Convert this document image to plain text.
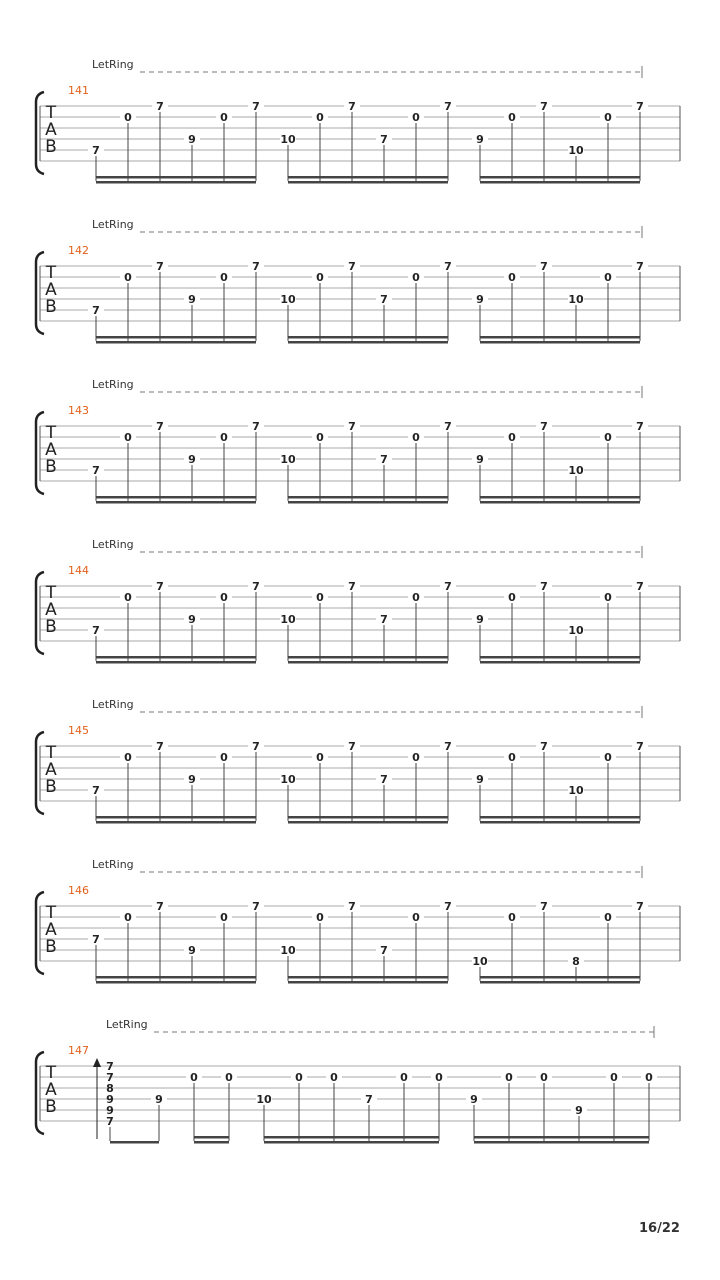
LetRing
141
T
A
B	7
0
7
9
0
7
10
0
7
7
0
7
9
0
7
10
0
7
LetRing
142
T
A
B	7
0
7
9
0
7
10
0
7
7
0
7
9
0
7
10
0
7
LetRing
143
T
A
B	7
0
7
9
0
7
10
0
7
7
0
7
9
0
7
10
0
7
LetRing
144
T
A
B	7
0
7
9
0
7
10
0
7
7
0
7
9
0
7
10
0
7
LetRing
145
T
A
B	7
0
7
9
0
7
10
0
7
7
0
7
9
0
7
10
0
7
LetRing
146
T
A
B	7
0
7
9
0
7
10
0
7
7
0
7
10
0
7
8
0
7
LetRing
147
T
A
B	9
0 0
10
0 0
7
0 0
9
0 0
9
0 0
7
7
8
9
9
7
16/22
